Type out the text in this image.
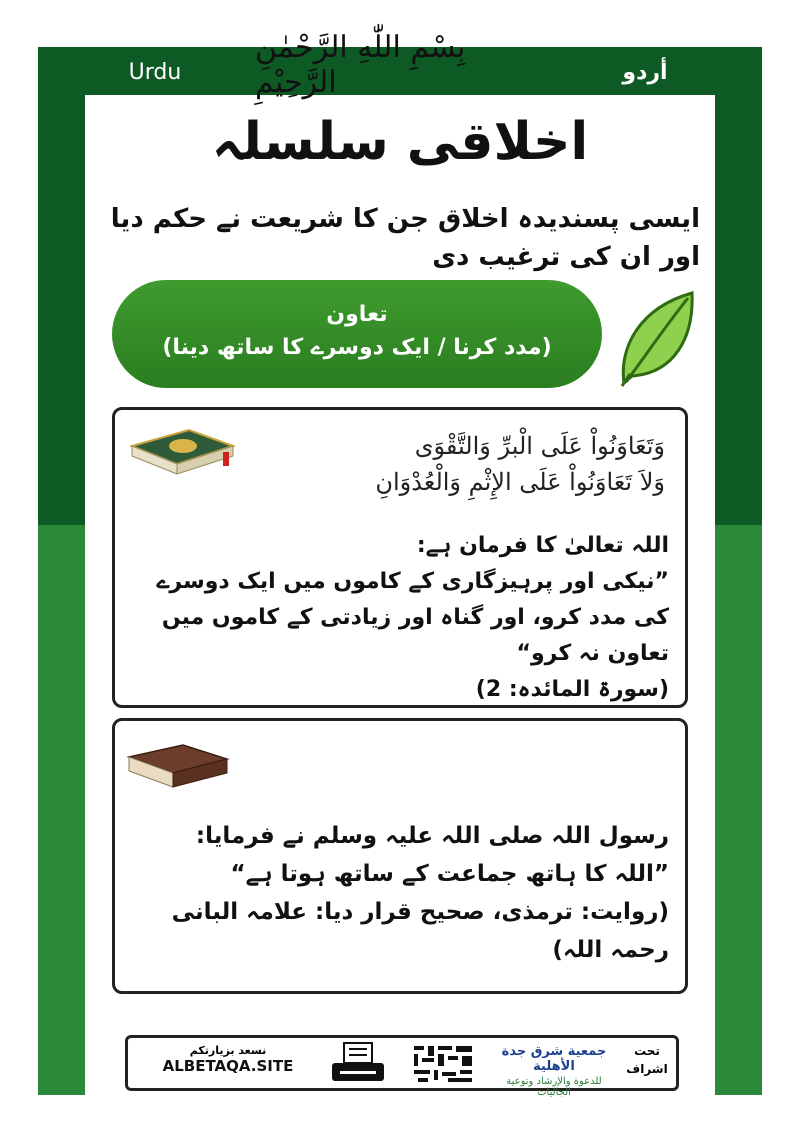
Urdu	أردو
بِسْمِ اللّٰهِ الرَّحْمٰنِ الرَّحِیْمِ
اخلاقی سلسلہ
ایسی پسندیدہ اخلاق جن کا شریعت نے حکم دیا اور ان کی ترغیب دی
تعاون
(مدد کرنا / ایک دوسرے کا ساتھ دینا)
وَتَعَاوَنُواْ عَلَى الْبرِّ وَالتَّقْوَى
وَلاَ تَعَاوَنُواْ عَلَى الإِثْمِ وَالْعُدْوَانِ
اللہ تعالیٰ کا فرمان ہے:
”نیکی اور پرہیزگاری کے کاموں میں ایک دوسرے کی مدد کرو، اور گناہ اور زیادتی کے کاموں میں تعاون نہ کرو“
(سورۃ المائدہ: 2)
رسول اللہ صلی اللہ علیہ وسلم نے فرمایا:
”اللہ کا ہاتھ جماعت کے ساتھ ہوتا ہے“
(روایت: ترمذی، صحیح قرار دیا: علامہ البانی رحمہ اللہ)
نسعد بزيارتكم
ALBETAQA.SITE
الدعوة والوقف
جمعية شرق جدة الأهلية
للدعوة والإرشاد وتوعية الجاليات
تحت
اشراف
